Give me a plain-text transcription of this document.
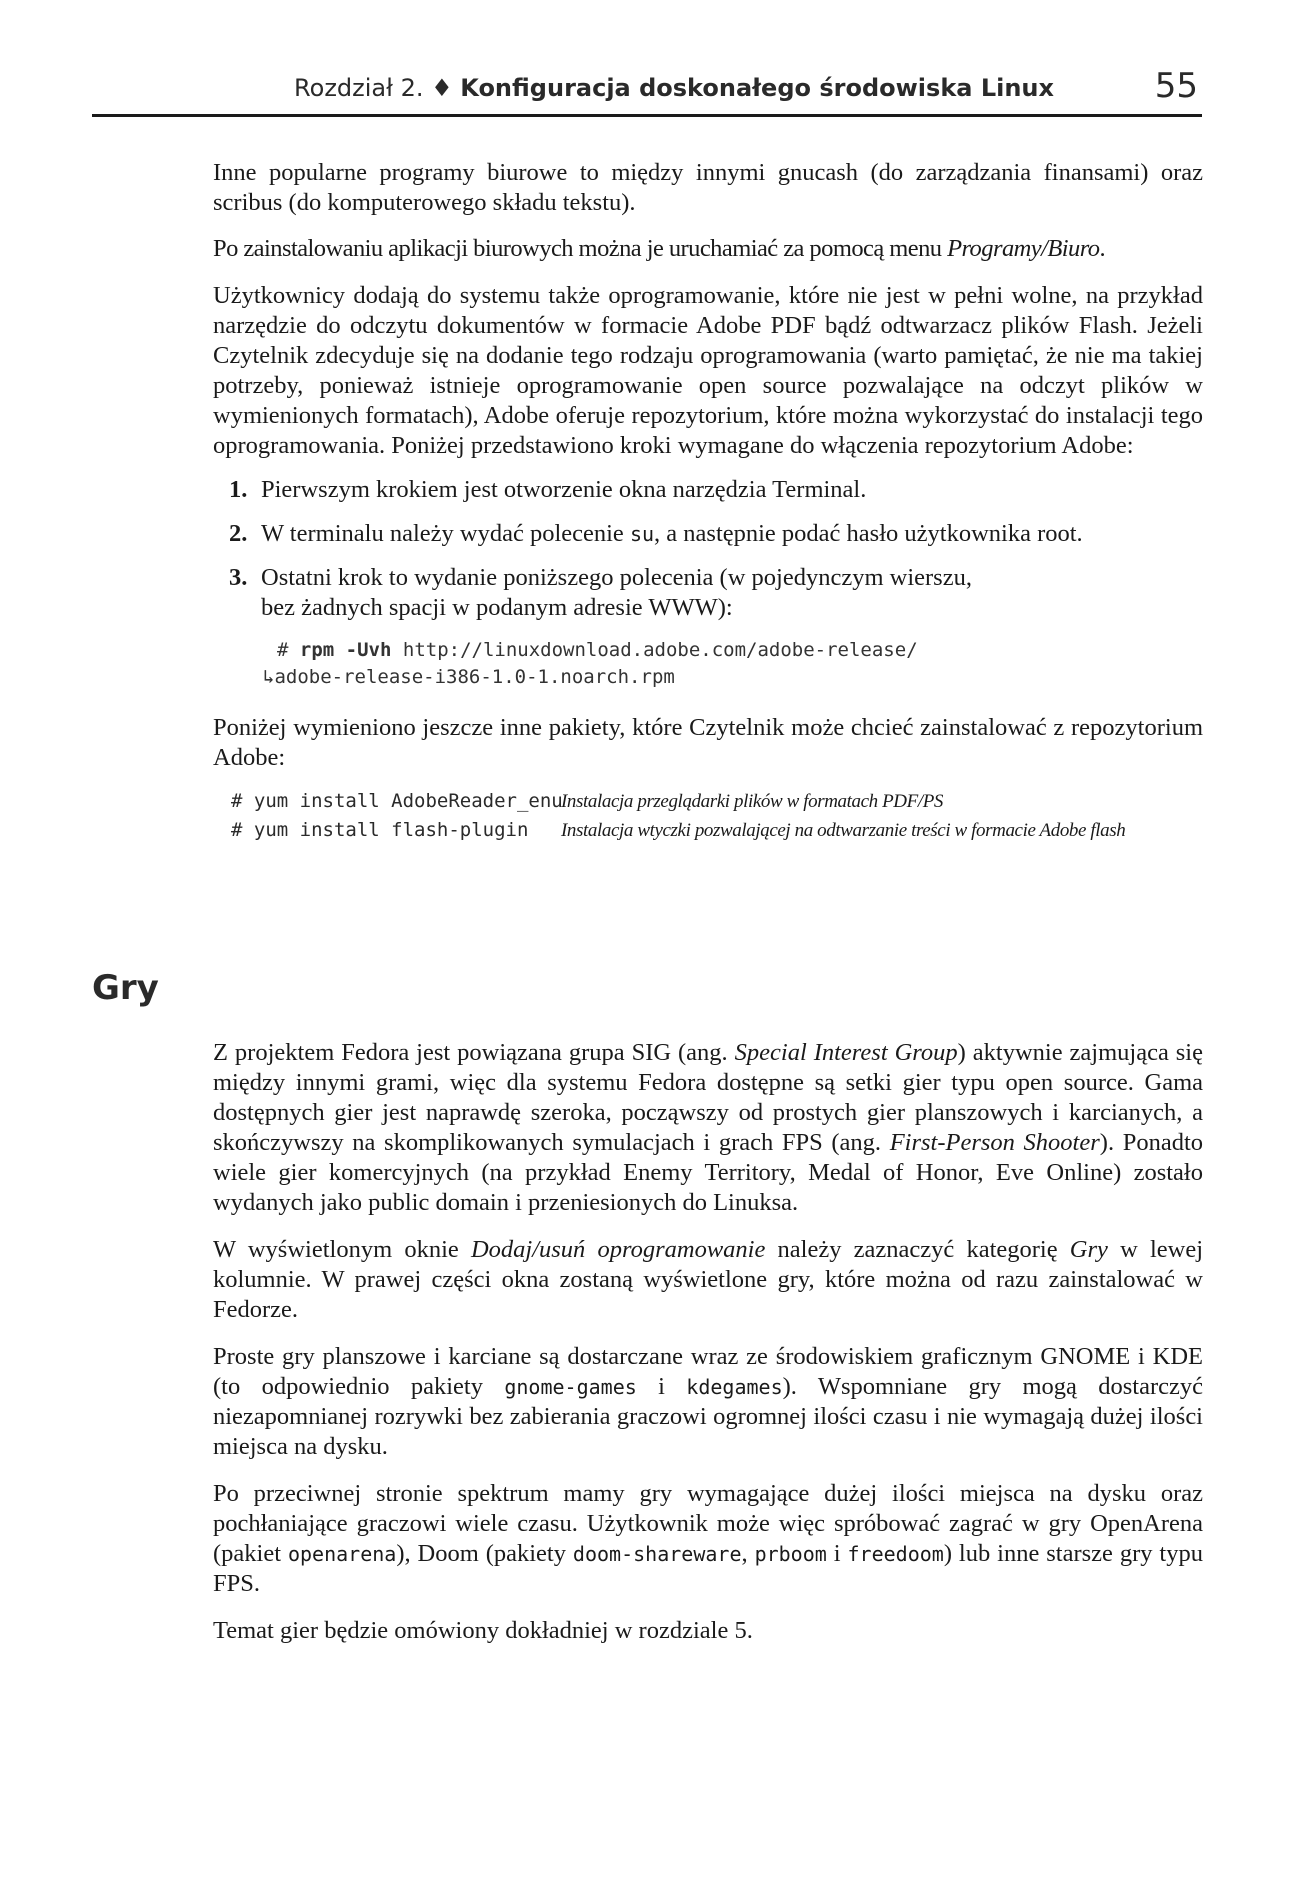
Rozdział 2. ♦ Konfiguracja doskonałego środowiska Linux	55

Inne popularne programy biurowe to między innymi gnucash (do zarządzania finansami) oraz scribus (do komputerowego składu tekstu).

Po zainstalowaniu aplikacji biurowych można je uruchamiać za pomocą menu Programy/Biuro.

Użytkownicy dodają do systemu także oprogramowanie, które nie jest w pełni wolne, na przykład narzędzie do odczytu dokumentów w formacie Adobe PDF bądź odtwarzacz plików Flash. Jeżeli Czytelnik zdecyduje się na dodanie tego rodzaju oprogramowania (warto pamiętać, że nie ma takiej potrzeby, ponieważ istnieje oprogramowanie open source pozwalające na odczyt plików w wymienionych formatach), Adobe oferuje repozytorium, które można wykorzystać do instalacji tego oprogramowania. Poniżej przedstawiono kroki wymagane do włączenia repozytorium Adobe:

1. Pierwszym krokiem jest otworzenie okna narzędzia Terminal.
2. W terminalu należy wydać polecenie su, a następnie podać hasło użytkownika root.
3. Ostatni krok to wydanie poniższego polecenia (w pojedynczym wierszu,
bez żadnych spacji w podanym adresie WWW):
# rpm -Uvh http://linuxdownload.adobe.com/adobe-release/
↳adobe-release-i386-1.0-1.noarch.rpm

Poniżej wymieniono jeszcze inne pakiety, które Czytelnik może chcieć zainstalować z repozytorium Adobe:

# yum install AdobeReader_enu
Instalacja przeglądarki plików w formatach PDF/PS
# yum install flash-plugin Instalacja wtyczki pozwalającej na odtwarzanie treści w formacie Adobe flash
Gry

Z projektem Fedora jest powiązana grupa SIG (ang. Special Interest Group) aktywnie zajmująca się między innymi grami, więc dla systemu Fedora dostępne są setki gier typu open source. Gama dostępnych gier jest naprawdę szeroka, począwszy od prostych gier planszowych i karcianych, a skończywszy na skomplikowanych symulacjach i grach FPS (ang. First-Person Shooter). Ponadto wiele gier komercyjnych (na przykład Enemy Territory, Medal of Honor, Eve Online) zostało wydanych jako public domain i przeniesionych do Linuksa.

W wyświetlonym oknie Dodaj/usuń oprogramowanie należy zaznaczyć kategorię Gry w lewej kolumnie. W prawej części okna zostaną wyświetlone gry, które można od razu zainstalować w Fedorze.

Proste gry planszowe i karciane są dostarczane wraz ze środowiskiem graficznym GNOME i KDE (to odpowiednio pakiety gnome-games i kdegames). Wspomniane gry mogą dostarczyć niezapomnianej rozrywki bez zabierania graczowi ogromnej ilości czasu i nie wymagają dużej ilości miejsca na dysku.

Po przeciwnej stronie spektrum mamy gry wymagające dużej ilości miejsca na dysku oraz pochłaniające graczowi wiele czasu. Użytkownik może więc spróbować zagrać w gry OpenArena (pakiet openarena), Doom (pakiety doom-shareware, prboom i freedoom) lub inne starsze gry typu FPS.

Temat gier będzie omówiony dokładniej w rozdziale 5.
